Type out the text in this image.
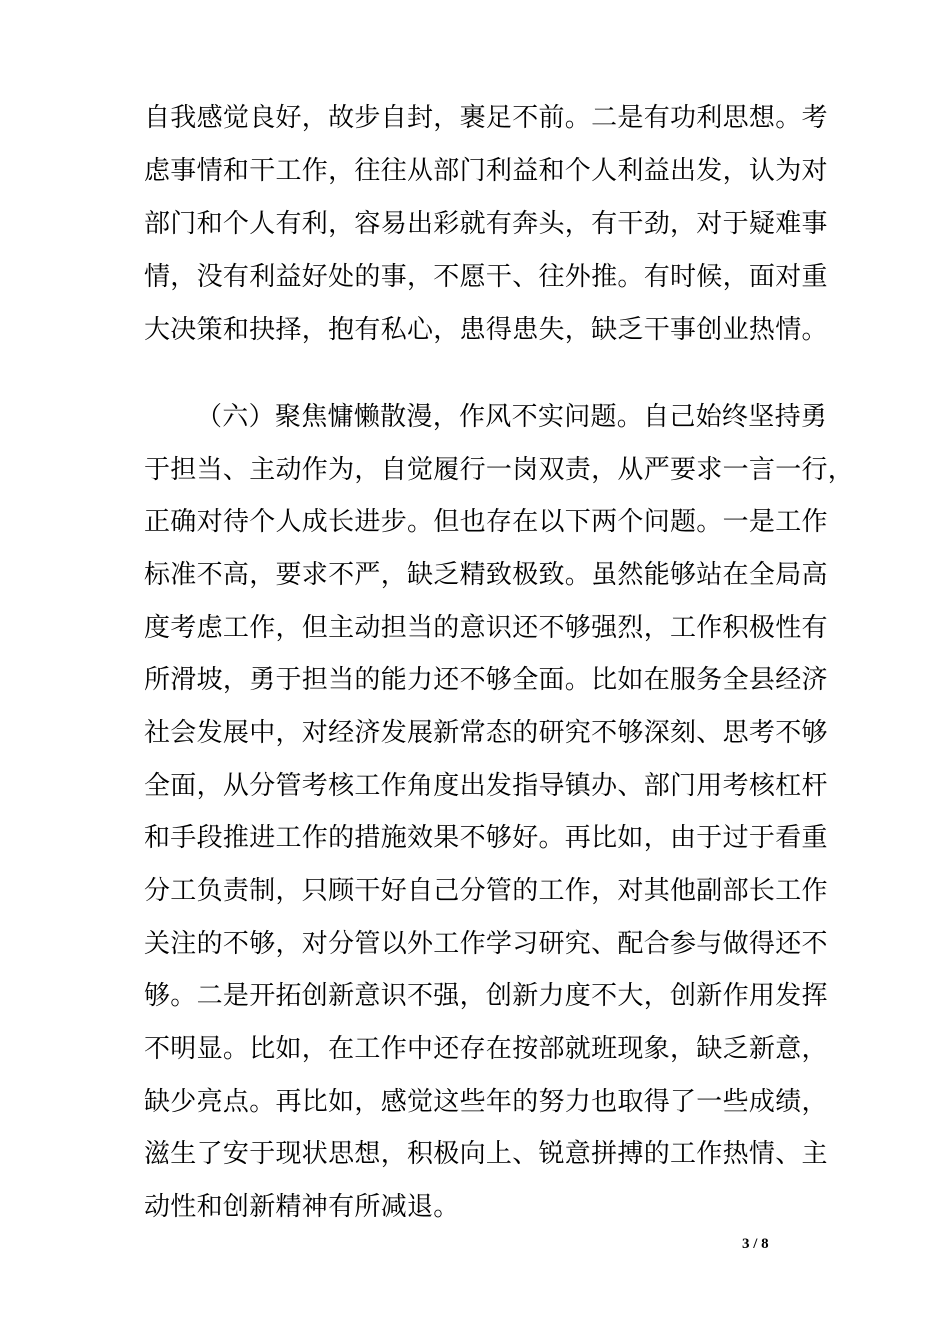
自我感觉良好，故步自封，裹足不前。二是有功利思想。考
虑事情和干工作，往往从部门利益和个人利益出发，认为对
部门和个人有利，容易出彩就有奔头，有干劲，对于疑难事
情，没有利益好处的事，不愿干、往外推。有时候，面对重
大决策和抉择，抱有私心，患得患失，缺乏干事创业热情。
（六）聚焦慵懒散漫，作风不实问题。自己始终坚持勇
于担当、主动作为，自觉履行一岗双责，从严要求一言一行，
正确对待个人成长进步。但也存在以下两个问题。一是工作
标准不高，要求不严，缺乏精致极致。虽然能够站在全局高
度考虑工作，但主动担当的意识还不够强烈，工作积极性有
所滑坡，勇于担当的能力还不够全面。比如在服务全县经济
社会发展中，对经济发展新常态的研究不够深刻、思考不够
全面，从分管考核工作角度出发指导镇办、部门用考核杠杆
和手段推进工作的措施效果不够好。再比如，由于过于看重
分工负责制，只顾干好自己分管的工作，对其他副部长工作
关注的不够，对分管以外工作学习研究、配合参与做得还不
够。二是开拓创新意识不强，创新力度不大，创新作用发挥
不明显。比如，在工作中还存在按部就班现象，缺乏新意，
缺少亮点。再比如，感觉这些年的努力也取得了一些成绩，
滋生了安于现状思想，积极向上、锐意拼搏的工作热情、主
动性和创新精神有所减退。
3 / 8
